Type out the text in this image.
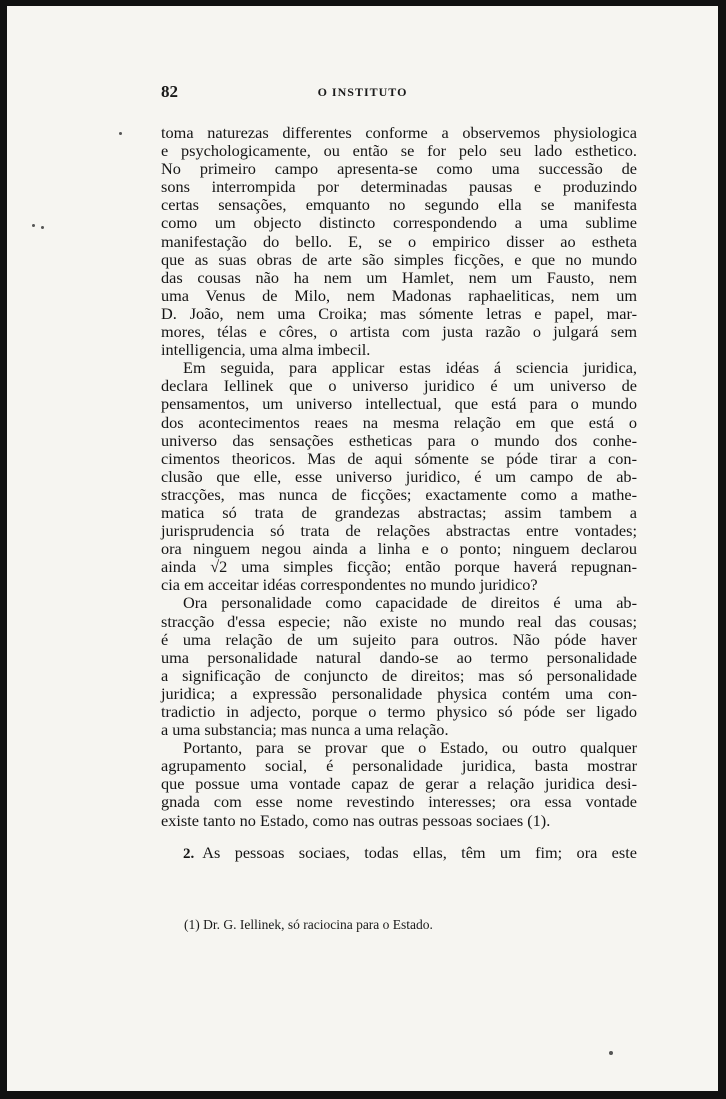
82	O INSTITUTO
toma naturezas differentes conforme a observemos physiologica
e psychologicamente, ou então se for pelo seu lado esthetico.
No primeiro campo apresenta-se como uma successão de
sons interrompida por determinadas pausas e produzindo
certas sensações, emquanto no segundo ella se manifesta
como um objecto distincto correspondendo a uma sublime
manifestação do bello. E, se o empirico disser ao estheta
que as suas obras de arte são simples ficções, e que no mundo
das cousas não ha nem um Hamlet, nem um Fausto, nem
uma Venus de Milo, nem Madonas raphaeliticas, nem um
D. João, nem uma Croika; mas sómente letras e papel, mar-
mores, télas e côres, o artista com justa razão o julgará sem
intelligencia, uma alma imbecil.
Em seguida, para applicar estas idéas á sciencia juridica,
declara Iellinek que o universo juridico é um universo de
pensamentos, um universo intellectual, que está para o mundo
dos acontecimentos reaes na mesma relação em que está o
universo das sensações estheticas para o mundo dos conhe-
cimentos theoricos. Mas de aqui sómente se póde tirar a con-
clusão que elle, esse universo juridico, é um campo de ab-
stracções, mas nunca de ficções; exactamente como a mathe-
matica só trata de grandezas abstractas; assim tambem a
jurisprudencia só trata de relações abstractas entre vontades;
ora ninguem negou ainda a linha e o ponto; ninguem declarou
ainda √2 uma simples ficção; então porque haverá repugnan-
cia em acceitar idéas correspondentes no mundo juridico?
Ora personalidade como capacidade de direitos é uma ab-
stracção d'essa especie; não existe no mundo real das cousas;
é uma relação de um sujeito para outros. Não póde haver
uma personalidade natural dando-se ao termo personalidade
a significação de conjuncto de direitos; mas só personalidade
juridica; a expressão personalidade physica contém uma con-
tradictio in adjecto, porque o termo physico só póde ser ligado
a uma substancia; mas nunca a uma relação.
Portanto, para se provar que o Estado, ou outro qualquer
agrupamento social, é personalidade juridica, basta mostrar
que possue uma vontade capaz de gerar a relação juridica desi-
gnada com esse nome revestindo interesses; ora essa vontade
existe tanto no Estado, como nas outras pessoas sociaes (1).
2. As pessoas sociaes, todas ellas, têm um fim; ora este
(1) Dr. G. Iellinek, só raciocina para o Estado.
